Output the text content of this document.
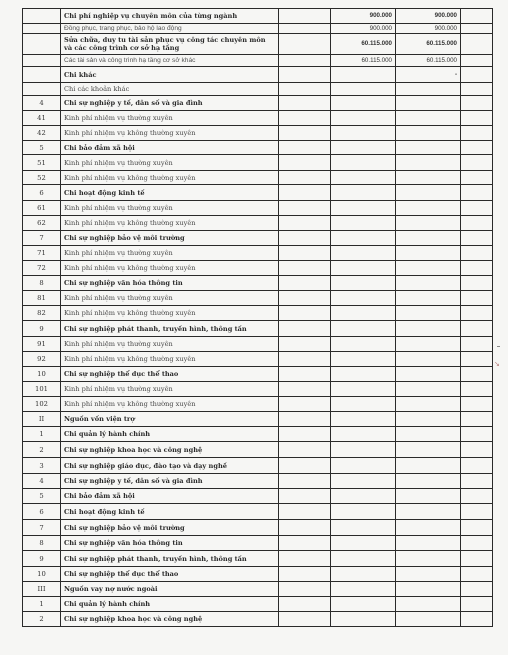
	Chi phí nghiệp vụ chuyên môn của từng ngành		900.000	900.000	
	Đồng phục, trang phục, bảo hộ lao động		900.000	900.000	
	Sửa chữa, duy tu tài sản phục vụ công tác chuyên môn và các công trình cơ sở hạ tầng		60.115.000	60.115.000	
	Các tài sản và công trình hạ tầng cơ sở khác		60.115.000	60.115.000	
	Chi khác			-	
	Chi các khoản khác				
4	Chi sự nghiệp y tế, dân số và gia đình				
41	Kinh phí nhiệm vụ thường xuyên				
42	Kinh phí nhiệm vụ không thường xuyên				
5	Chi bảo đảm xã hội				
51	Kinh phí nhiệm vụ thường xuyên				
52	Kinh phí nhiệm vụ không thường xuyên				
6	Chi hoạt động kinh tế				
61	Kinh phí nhiệm vụ thường xuyên				
62	Kinh phí nhiệm vụ không thường xuyên				
7	Chi sự nghiệp bảo vệ môi trường				
71	Kinh phí nhiệm vụ thường xuyên				
72	Kinh phí nhiệm vụ không thường xuyên				
8	Chi sự nghiệp văn hóa thông tin				
81	Kinh phí nhiệm vụ thường xuyên				
82	Kinh phí nhiệm vụ không thường xuyên				
9	Chi sự nghiệp phát thanh, truyền hình, thông tấn				
91	Kinh phí nhiệm vụ thường xuyên				
92	Kinh phí nhiệm vụ không thường xuyên				
10	Chi sự nghiệp thể dục thể thao				
101	Kinh phí nhiệm vụ thường xuyên				
102	Kinh phí nhiệm vụ không thường xuyên				
II	Nguồn vốn viện trợ				
1	Chi quản lý hành chính				
2	Chi sự nghiệp khoa học và công nghệ				
3	Chi sự nghiệp giáo dục, đào tạo và dạy nghề				
4	Chi sự nghiệp y tế, dân số và gia đình				
5	Chi bảo đảm xã hội				
6	Chi hoạt động kinh tế				
7	Chi sự nghiệp bảo vệ môi trường				
8	Chi sự nghiệp văn hóa thông tin				
9	Chi sự nghiệp phát thanh, truyền hình, thông tấn				
10	Chi sự nghiệp thể dục thể thao				
III	Nguồn vay nợ nước ngoài				
1	Chi quản lý hành chính				
2	Chi sự nghiệp khoa học và công nghệ				
↘
